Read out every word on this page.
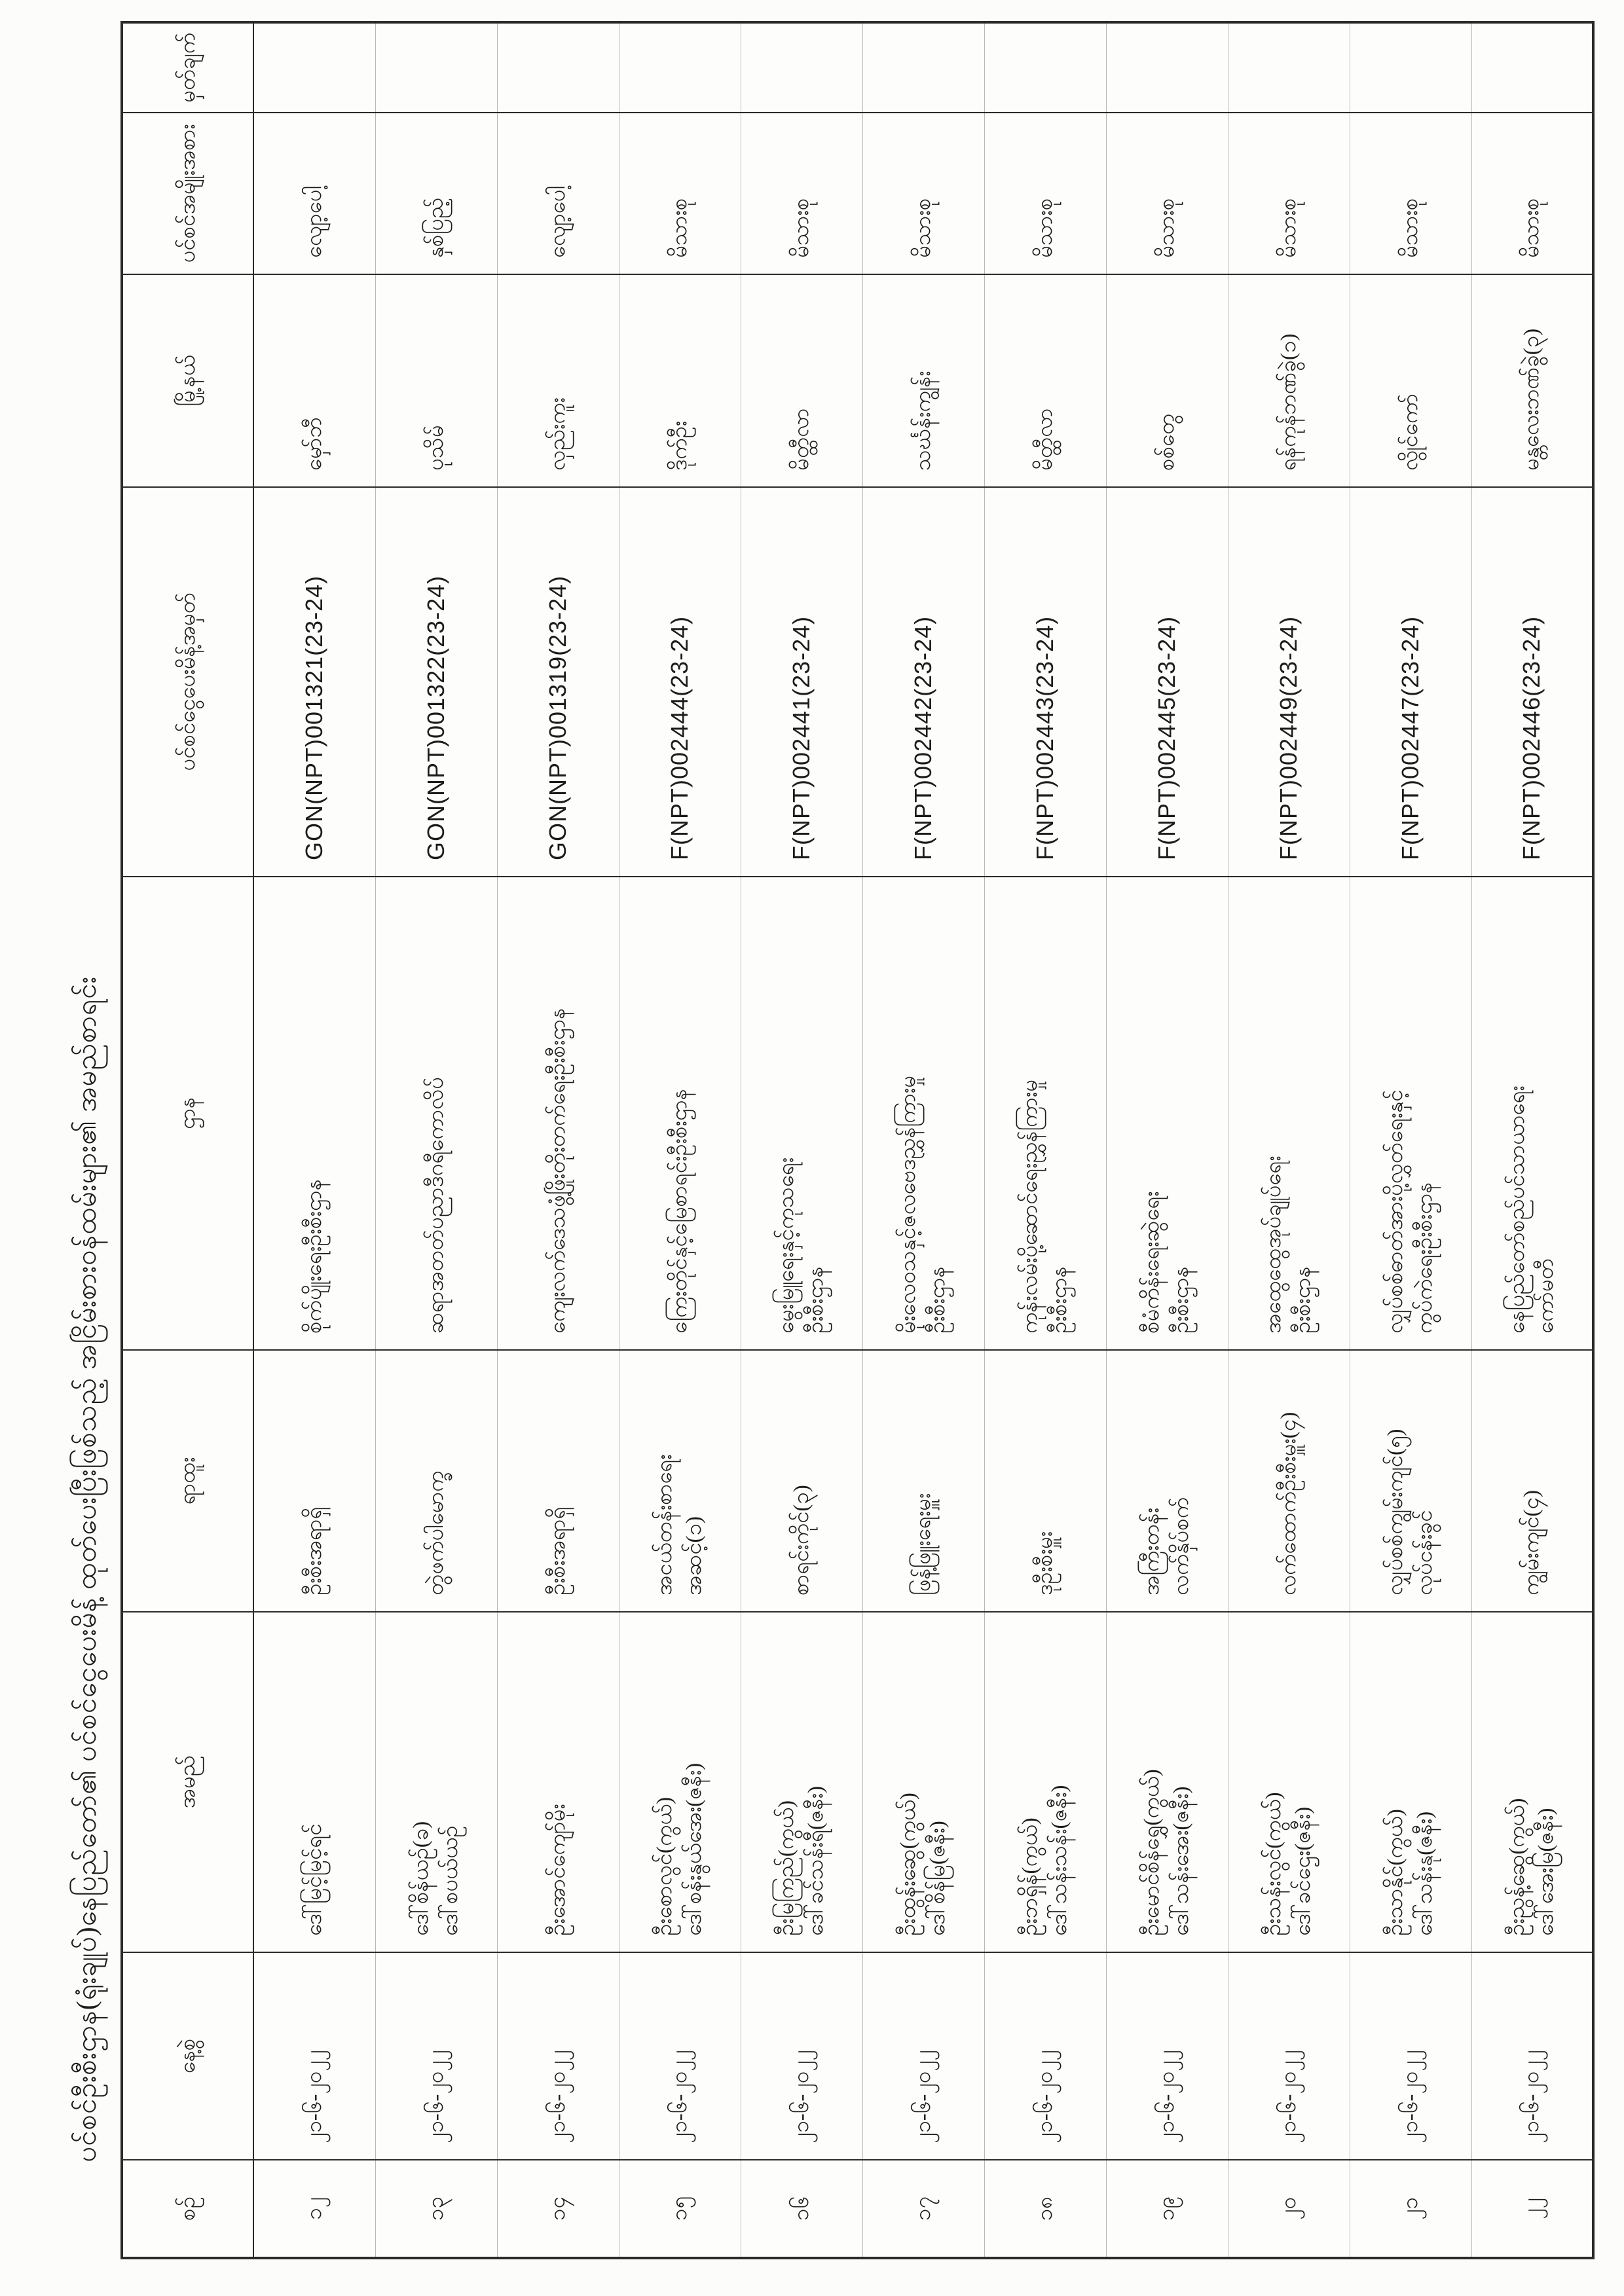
ပင်စင်ဦးစီးဌာန(ရုံးချုပ်)နေပြည်တော်၏ ပင်စင်ငွေပေးမိန့် ထုတ်ပေးပြီးဖြစ်သည့် အငြိမ်းစားဝန်ထမ်းများ၏ အမည်စာရင်း
စဉ်	နေ့စွဲ	အမည်	ရာထူး	ဌာန	ပင်စင်ငွေပေးမိန့်အမှတ်	မြို့နယ်	ပင်စင်အမျိုးအစား	မှတ်ချက်
၁၂	၂၁-၆-၂၀၂၂	ဒေါ်မြင့်မြင့်ရင်	ဦးစီးအရာရှိ	စိုက်ပျိုးရေးဦးစီးဌာန	GON(NPT)001321(23-24)	မှော်ဘီ	လျော့ပေါ့	
၁၃	၂၁-၆-၂၀၂၂	ဒေါ်စိန်ယဉ်(ခ) ဒေါ်စပယ်ယဉ်	တွဲဖက်ပါမောက္ခ	ဆရာအတတ်ပညာဒီဂရီကောလိပ်	GON(NPT)001322(23-24)	ပုသိမ်	နှစ်ပြည့်	
၁၄	၂၁-၆-၂၀၂၂	ဦးအောင်ကျော်မိုး	ဦးစီးအရာရှိ	ကျေးလက်ဒေသဖွံ့ဖြိုးတိုးတက်ရေးဦးစီးဌာန	GON(NPT)001319(23-24)	လှည်းကူး	လျော့ပေါ့	
၁၅	၂၁-၆-၂၀၂၂	ဦးစောလွင်(ကွယ်) ဒေါ်စန်းနွယ်အေး(ဇနီး)	အငယ်တန်းစာရေး အဆင့်(၁)	ကြေးတိုင်နှင့်မြေစာရင်းဦးစီးဌာန	F(NPT)002444(23-24)	ဒိုက်ဦး	မိသားစု	
၁၆	၂၁-၆-၂၀၂၂	ဦးမြကြည်(ကွယ်) ဒေါ်ခင်သန်းရီ(ဇနီး)	စာရင်းကိုင်(၃)	မွေးမြူရေးနှင့်ကုသရေး ဦးစီးဌာန	F(NPT)002441(23-24)	မိတ္ထီလာ	မိသားစု	
၁၇	၂၁-၆-၂၀၂၂	ဦးထွန်းဆွေ(ကွယ်) ဒေါ်စိန်မြ(ဇနီး)	ဖြန့်ဖြူးရေးမှူး	မိုးလေဝသနှင့်ဇလဗေဒညွှန်ကြားမှု ဦးစီးဌာန	F(NPT)002442(23-24)	သင်္ဃန်းကျွန်း	မိသားစု	
၁၈	၂၁-၆-၂၀၂၂	ဦးဘရှိန်(ကွယ်) ဒေါ်သန်းသန်း(ဇနီး)	ဒုဦးစီးမှူး	ကုန်းလမ်းပို့ဆောင်ရေးညွှန်ကြားမှု ဦးစီးဌာန	F(NPT)002443(23-24)	မိတ္ထီလာ	မိသားစု	
၁၉	၂၁-၆-၂၀၂၂	ဦးမောင်စိန်ရွှေ(ကွယ်) ဒေါ်သန်းအေး(ဇနီး)	အကြီးတန်း လက်နှိပ်စက်	စီမံကိန်းရေးဆွဲရေး ဦးစီးဌာန	F(NPT)002445(23-24)	စစ်တွေ	မိသားစု	
၂၀	၂၁-၆-၂၀၂၂	ဦးသန်းလွင်(ကွယ်) ဒေါ်ခင်ဌေး(ဇနီး)	လက်ထောက်ဦးစီးမှူး(၄)	အထွေထွေအုပ်ချုပ်ရေး ဦးစီးဌာန	F(NPT)002449(23-24)	ရန်ကုန်ဘဏ်ခွဲ(၁)	မိသားစု	
၂၁	၂၁-၆-၂၀၂၂	ဦးသာနိုင်(ကွယ်) ဒေါ်သန်းနု(ဇနီး)	လျှပ်စစ်ကျွမ်းကျင်(၅) လုပ်ငန်းခွင်	လျှပ်စစ်ဓာတ်အားပို့လွှတ်ရေးနှင့် ကွပ်ကဲရေးဦးစီးဌာန	F(NPT)002447(23-24)	လွိုင်ကော်	မိသားစု	
၂၂	၂၁-၆-၂၀၂၂	ဦးညွန့်ဆွေ(ကွယ်) ဒေါ်အေးမြ(ဇနီး)	ကျွမ်းကျင်(၄)	နေပြည်တော်စည်ပင်သာယာရေး ကော်မတီ	F(NPT)002446(23-24)	မန္တလေးဘဏ်ခွဲ(၃)	မိသားစု	
